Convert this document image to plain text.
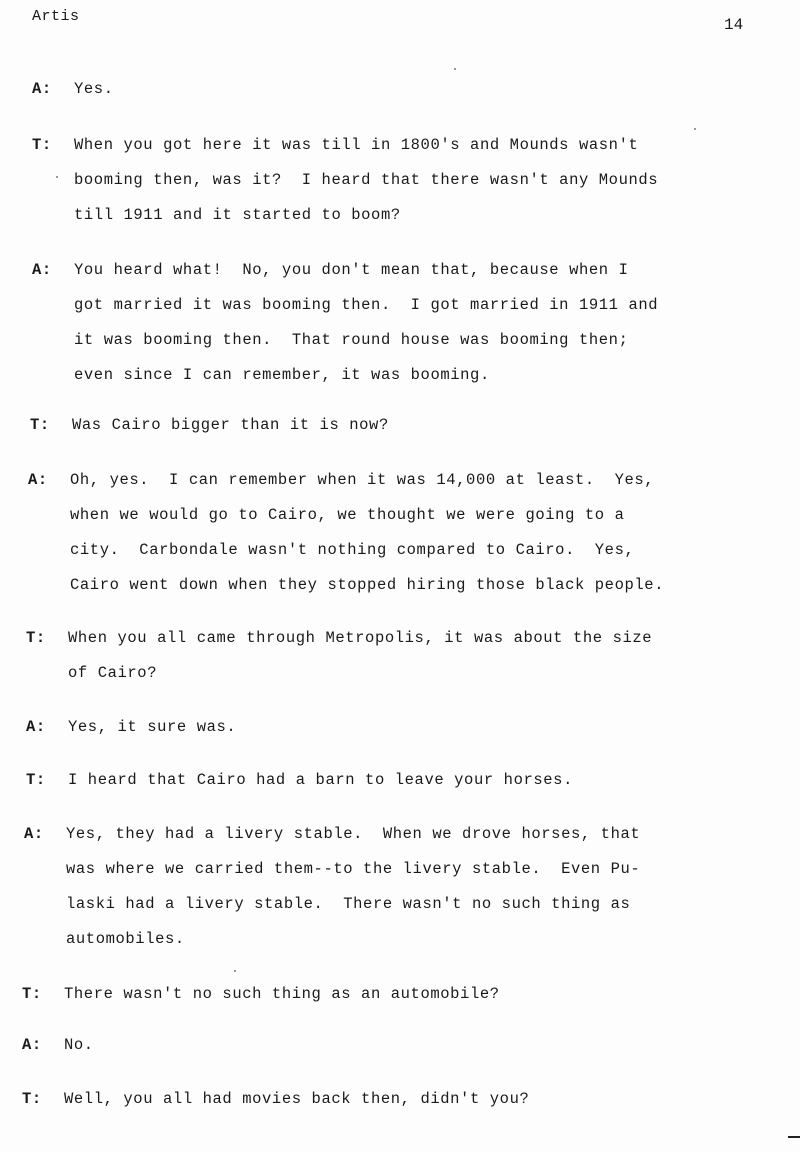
Artis	14
A:	Yes.
T:	When you got here it was till in 1800's and Mounds wasn't
booming then, was it?  I heard that there wasn't any Mounds
till 1911 and it started to boom?
A:	You heard what!  No, you don't mean that, because when I
got married it was booming then.  I got married in 1911 and
it was booming then.  That round house was booming then;
even since I can remember, it was booming.
T:	Was Cairo bigger than it is now?
A:	Oh, yes.  I can remember when it was 14,000 at least.  Yes,
when we would go to Cairo, we thought we were going to a
city.  Carbondale wasn't nothing compared to Cairo.  Yes,
Cairo went down when they stopped hiring those black people.
T:	When you all came through Metropolis, it was about the size
of Cairo?
A:	Yes, it sure was.
T:	I heard that Cairo had a barn to leave your horses.
A:	Yes, they had a livery stable.  When we drove horses, that
was where we carried them--to the livery stable.  Even Pu-
laski had a livery stable.  There wasn't no such thing as
automobiles.
T:	There wasn't no such thing as an automobile?
A:	No.
T:	Well, you all had movies back then, didn't you?
